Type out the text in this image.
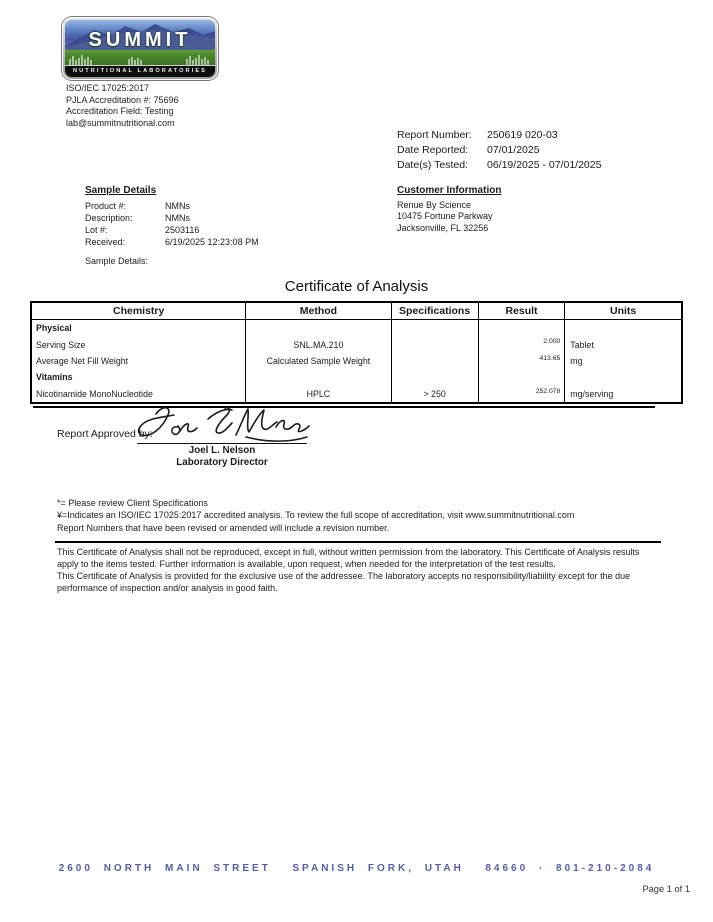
SUMMIT
NUTRITIONAL LABORATORIES
ISO/IEC 17025:2017
PJLA Accreditation #: 75696
Accreditation Field: Testing
lab@summitnutritional.com
Report Number:	250619 020-03
Date Reported:	07/01/2025
Date(s) Tested:	06/19/2025 - 07/01/2025
Sample Details
Product #:	NMNs
Description:	NMNs
Lot #:	2503116
Received:	6/19/2025 12:23:08 PM
Sample Details:
Customer Information
Renue By Science
10475 Fortune Parkway
Jacksonville, FL 32256
Certificate of Analysis
Chemistry	Method	Specifications	Result	Units
Physical				
Serving Size	SNL.MA.210		2.000	Tablet
Average Net Fill Weight	Calculated Sample Weight		413.65	mg
Vitamins				
Nicotinamide MonoNucleotide	HPLC	> 250	252.078	mg/serving
Report Approved by:
Joel L. Nelson
Laboratory Director
*= Please review Client Specifications
¥=Indicates an ISO/IEC 17025:2017 accredited analysis. To review the full scope of accreditation, visit www.summitnutritional.com
Report Numbers that have been revised or amended will include a revision number.

This Certificate of Analysis shall not be reproduced, except in full, without written permission from the laboratory. This Certificate of Analysis results apply to the items tested. Further information is available, upon request, when needed for the interpretation of the test results.

This Certificate of Analysis is provided for the exclusive use of the addressee. The laboratory accepts no responsibility/liability except for the due performance of inspection and/or analysis in good faith.

2600 NORTH MAIN STREET  SPANISH FORK, UTAH  84660 · 801-210-2084
Page 1 of 1
